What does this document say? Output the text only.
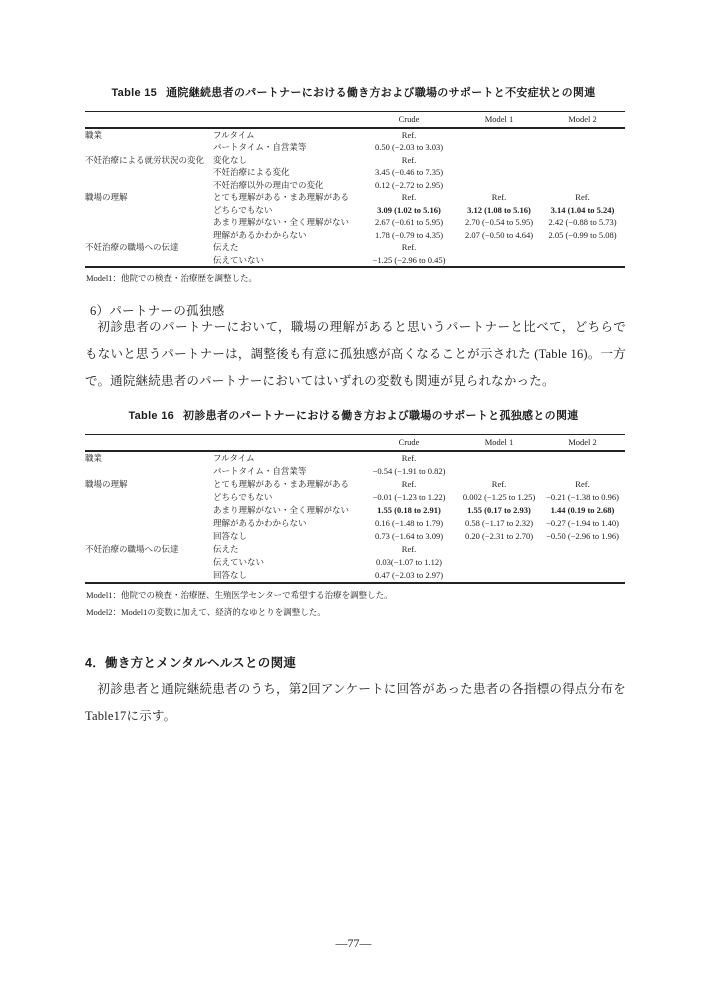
Table 15 通院継続患者のパートナーにおける働き方および職場のサポートと不安症状との関連
		Crude	Model 1	Model 2
職業	フルタイム	Ref.		
	パートタイム・自営業等	0.50 (−2.03 to 3.03)		
不妊治療による就労状況の変化	変化なし	Ref.		
	不妊治療による変化	3.45 (−0.46 to 7.35)		
	不妊治療以外の理由での変化	0.12 (−2.72 to 2.95)		
職場の理解	とても理解がある・まあ理解がある	Ref.	Ref.	Ref.
	どちらでもない	3.09 (1.02 to 5.16)	3.12 (1.08 to 5.16)	3.14 (1.04 to 5.24)
	あまり理解がない・全く理解がない	2.67 (−0.61 to 5.95)	2.70 (−0.54 to 5.95)	2.42 (−0.88 to 5.73)
	理解があるかわからない	1.78 (−0.79 to 4.35)	2.07 (−0.50 to 4.64)	2.05 (−0.99 to 5.08)
不妊治療の職場への伝達	伝えた	Ref.		
	伝えていない	−1.25 (−2.96 to 0.45)		
Model1：他院での検査・治療歴を調整した。
6）パートナーの孤独感
初診患者のパートナーにおいて，職場の理解があると思いうパートナーと比べて，どちらでもないと思うパートナーは，調整後も有意に孤独感が高くなることが示された (Table 16)。一方で。通院継続患者のパートナーにおいてはいずれの変数も関連が見られなかった。
Table 16 初診患者のパートナーにおける働き方および職場のサポートと孤独感との関連
		Crude	Model 1	Model 2
職業	フルタイム	Ref.		
	パートタイム・自営業等	−0.54 (−1.91 to 0.82)		
職場の理解	とても理解がある・まあ理解がある	Ref.	Ref.	Ref.
	どちらでもない	−0.01 (−1.23 to 1.22)	0.002 (−1.25 to 1.25)	−0.21 (−1.38 to 0.96)
	あまり理解がない・全く理解がない	1.55 (0.18 to 2.91)	1.55 (0.17 to 2.93)	1.44 (0.19 to 2.68)
	理解があるかわからない	0.16 (−1.48 to 1.79)	0.58 (−1.17 to 2.32)	−0.27 (−1.94 to 1.40)
	回答なし	0.73 (−1.64 to 3.09)	0.20 (−2.31 to 2.70)	−0.50 (−2.96 to 1.96)
不妊治療の職場への伝達	伝えた	Ref.		
	伝えていない	0.03(−1.07 to 1.12)		
	回答なし	0.47 (−2.03 to 2.97)		
Model1：他院での検査・治療歴、生殖医学センターで希望する治療を調整した。
Model2：Model1の変数に加えて、経済的なゆとりを調整した。
4．働き方とメンタルヘルスとの関連
初診患者と通院継続患者のうち，第2回アンケートに回答があった患者の各指標の得点分布をTable17に示す。
—77—
